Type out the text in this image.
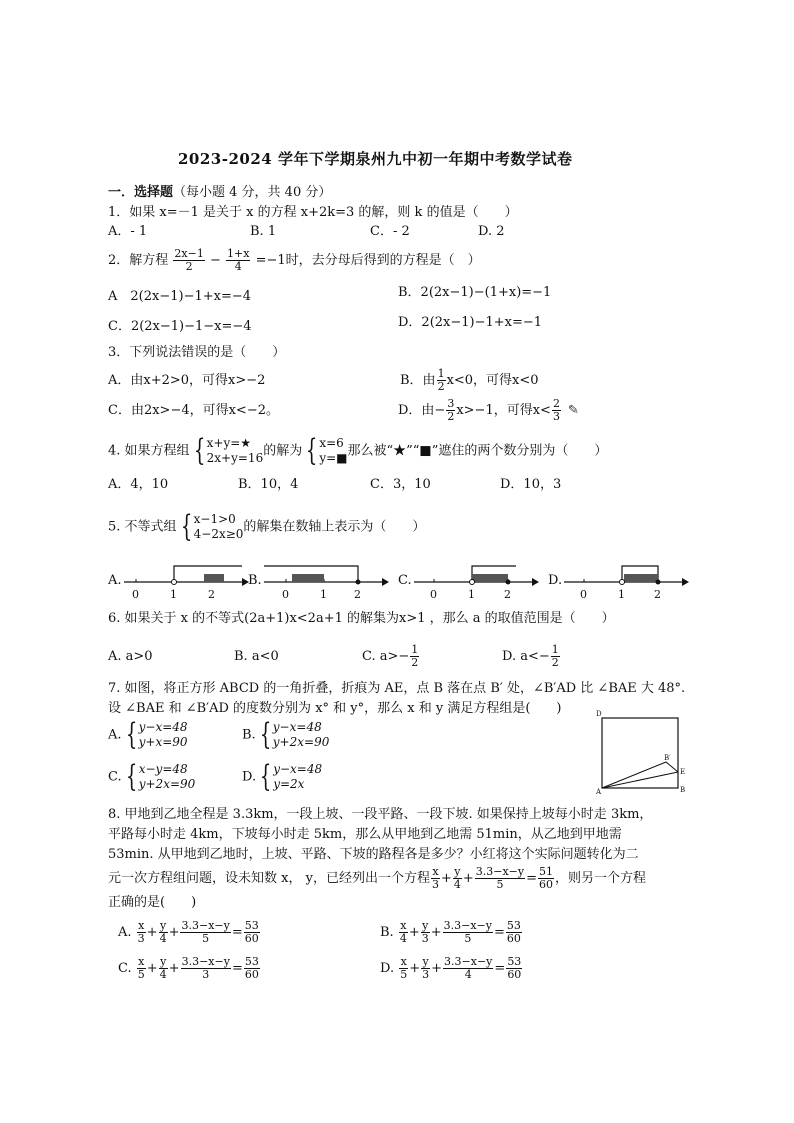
2023-2024 学年下学期泉州九中初一年期中考数学试卷
一．选择题（每小题 4 分，共 40 分）
1．如果 x=－1 是关于 x 的方程 x+2k=3 的解，则 k 的值是（　　）
A．- 1	B. 1	C．- 2	D. 2
2．解方程 $\frac{2x-1}{2} - \frac{1+x}{4} =-1$时，去分母后得到的方程是（　）
A　2(2x−1)−1+x=−4	B．2(2x−1)−(1+x)=−1
C．2(2x−1)−1−x=−4	D．2(2x−1)−1+x=−1
3．下列说法错误的是（　　）
A．由x+2>0，可得x>−2	B．由 $\frac{1}{2} x<0$，可得x<0
C．由2x>−4，可得x<−2。	D．由− $\frac{3}{2} x>-1$，可得$x< \frac{2}{3}$ ✎
4. 如果方程组 { x+y=★
2x+y=16 的解为 { x=6
y=■ 那么被“★”“■”遮住的两个数分别为（　　）
A．4，10	B．10，4	C．3，10	D．10，3
5. 不等式组 { x−1>0
4−2x≥0 的解集在数轴上表示为（　　）
A.
0	1	2
B.
0	1 2
C.
0	1	2
D.
0	1	2
6. 如果关于 x 的不等式(2a+1)x<2a+1 的解集为x>1 ，那么 a 的取值范围是（　　）
A. a>0	B. a<0	C. $a>- \frac{1}{2}$	D. $a<- \frac{1}{2}$
7. 如图，将正方形 ABCD 的一角折叠，折痕为 AE，点 B 落在点 B′ 处，∠B′AD 比 ∠BAE 大 48°.
设 ∠BAE 和 ∠B′AD 的度数分别为 x° 和 y°，那么 x 和 y 满足方程组是(　　)
A. { y−x=48
y+x=90	B. { y−x=48
y+2x=90
C. { x−y=48
y+2x=90	D. { y−x=48
y=2x
D
A	B
E
B′
8. 甲地到乙地全程是 3.3km，一段上坡、一段平路、一段下坡. 如果保持上坡每小时走 3km，
平路每小时走 4km，下坡每小时走 5km，那么从甲地到乙地需 51min，从乙地到甲地需
53min. 从甲地到乙地时，上坡、平路、下坡的路程各是多少？小红将这个实际问题转化为二
元一次方程组问题，设未知数 x， y，已经列出一个方程 $\frac{x}{3} + \frac{y}{4} + \frac{3.3-x-y}{5} = \frac{51}{60}$ ，则另一个方程
正确的是(　　)
A. $\frac{x}{3} + \frac{y}{4} + \frac{3.3-x-y}{5} = \frac{53}{60}$	B. $\frac{x}{4} + \frac{y}{3} + \frac{3.3-x-y}{5} = \frac{53}{60}$
C. $\frac{x}{5} + \frac{y}{4} + \frac{3.3-x-y}{3} = \frac{53}{60}$	D. $\frac{x}{5} + \frac{y}{3} + \frac{3.3-x-y}{4} = \frac{53}{60}$
